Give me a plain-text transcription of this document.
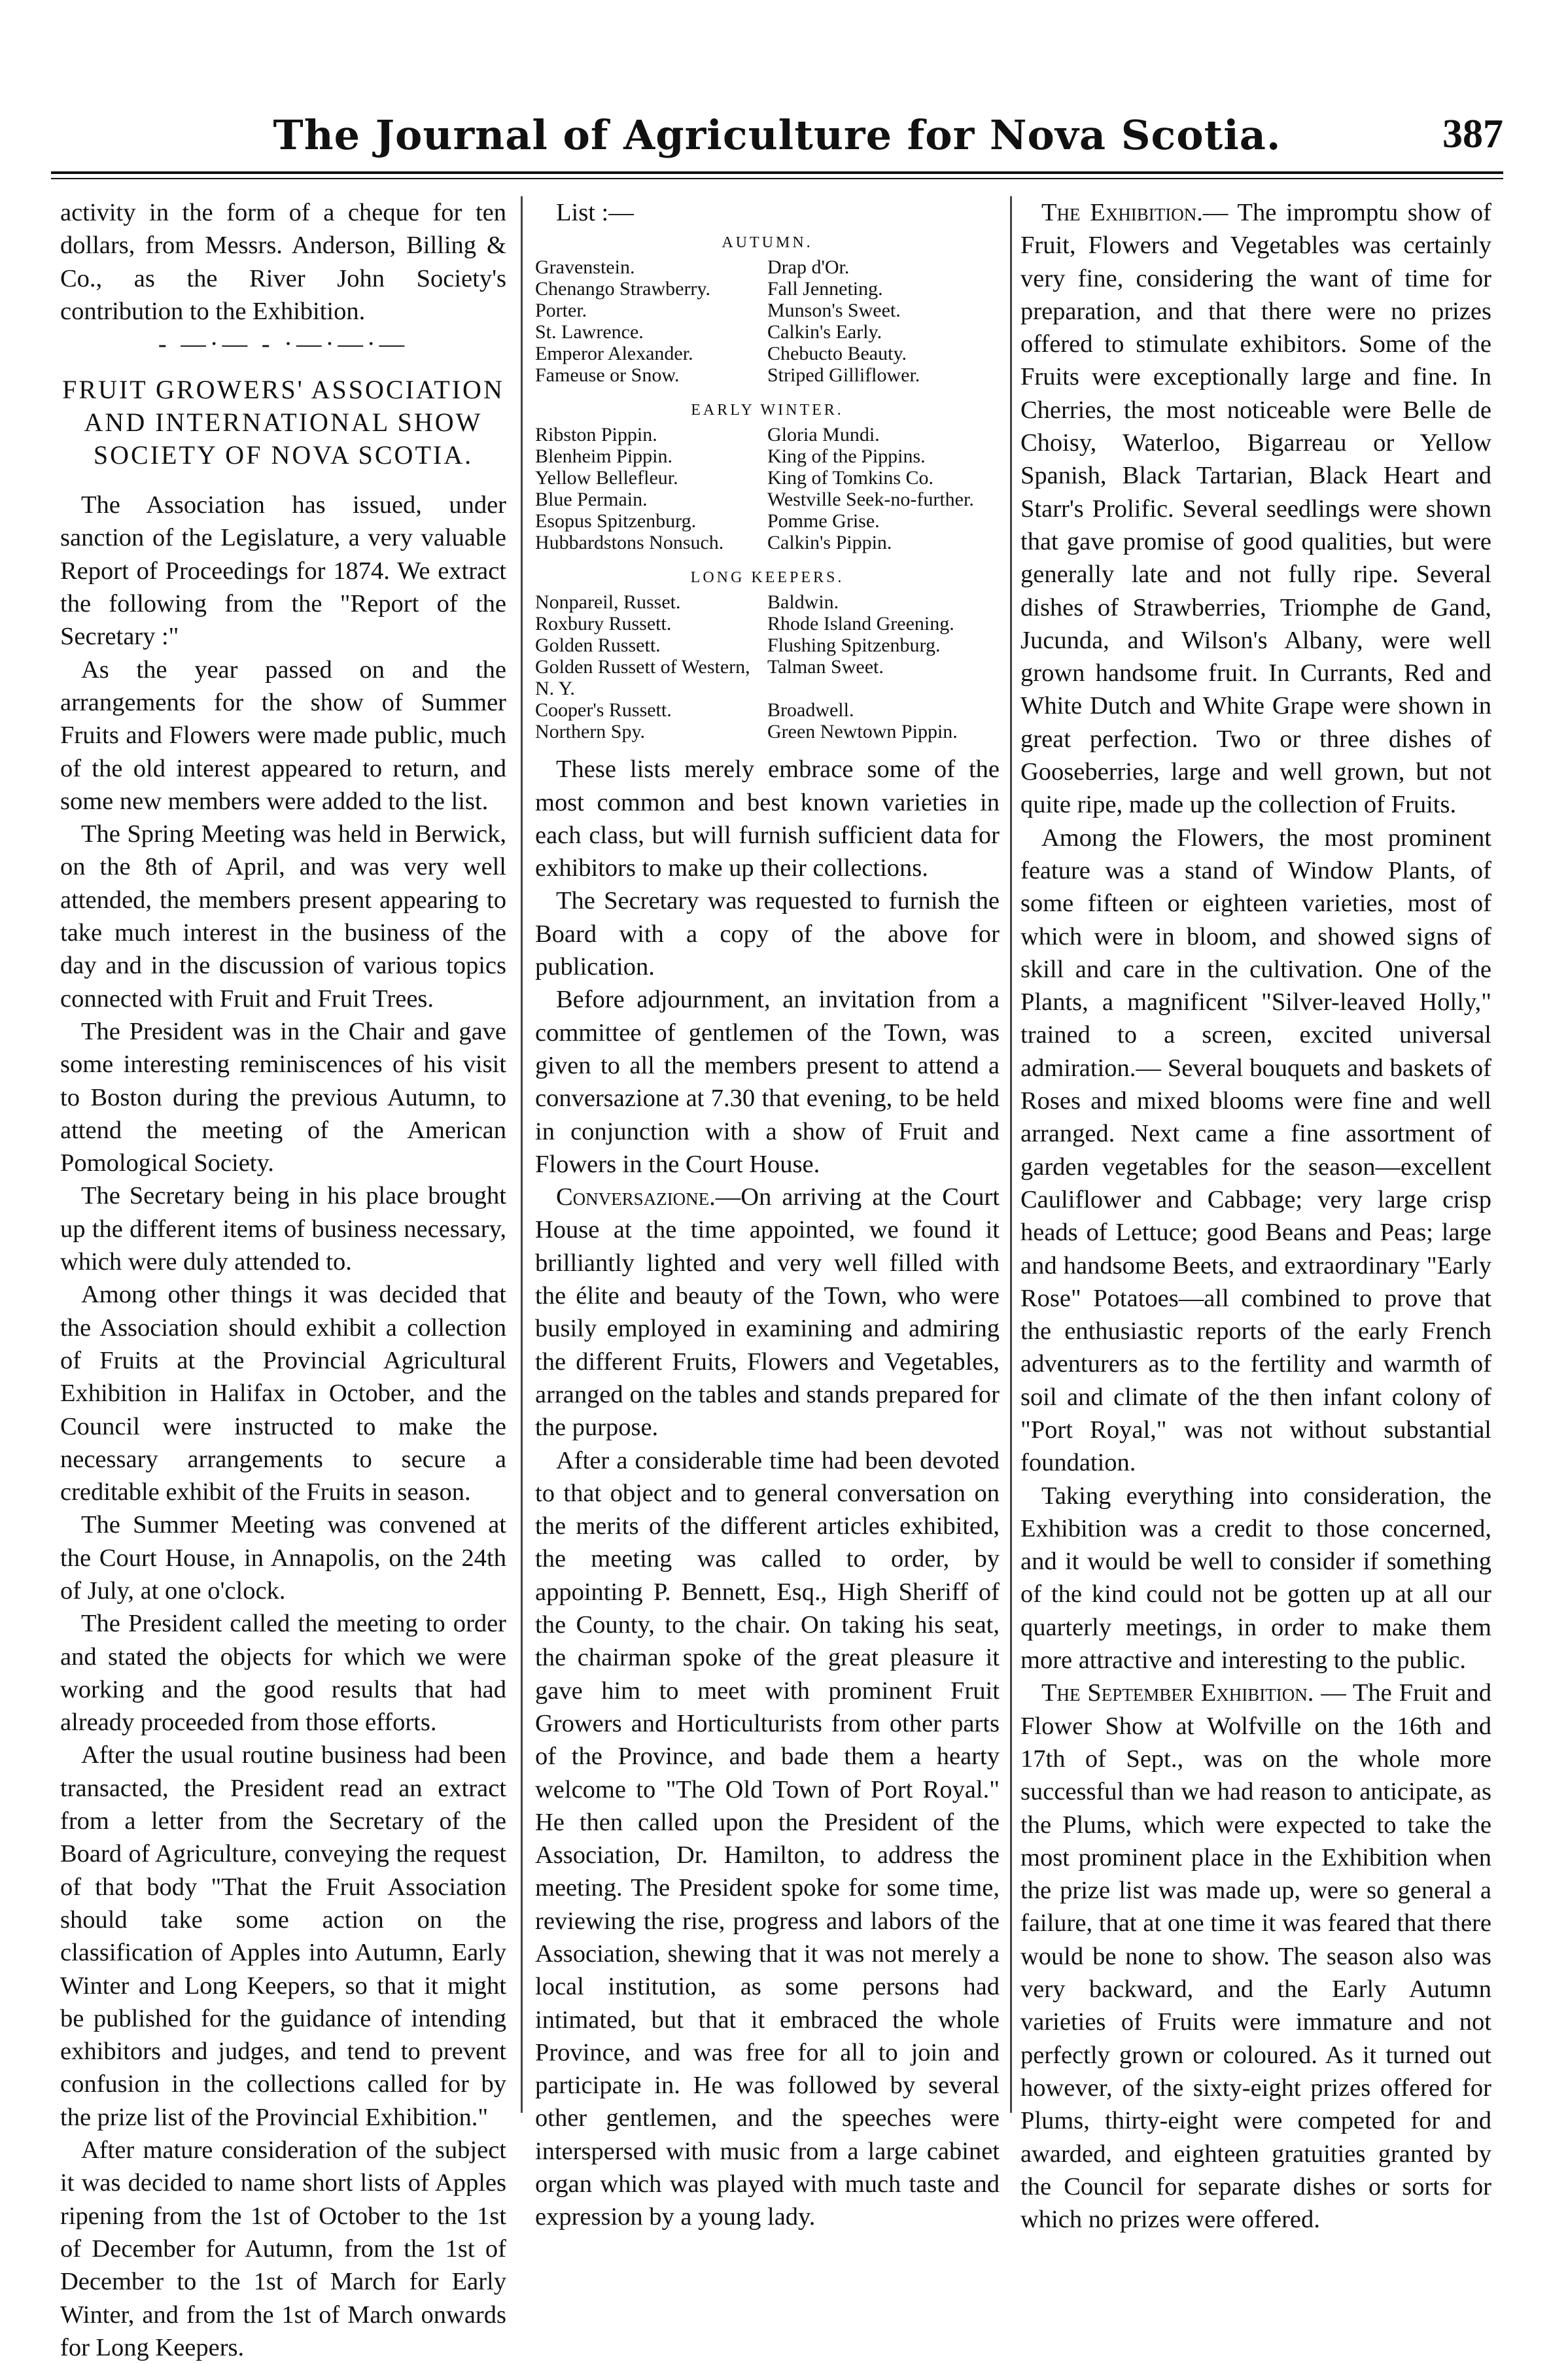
The Journal of Agriculture for Nova Scotia.	387

activity in the form of a cheque for ten dollars, from Messrs. Anderson, Billing & Co., as the River John Society's contribution to the Exhibition.

- —·— - ·—·—·—
FRUIT GROWERS' ASSOCIATION AND INTERNATIONAL SHOW SOCIETY OF NOVA SCOTIA.

The Association has issued, under sanction of the Legislature, a very valuable Report of Proceedings for 1874. We extract the following from the "Report of the Secretary :"

As the year passed on and the arrangements for the show of Summer Fruits and Flowers were made public, much of the old interest appeared to return, and some new members were added to the list.

The Spring Meeting was held in Berwick, on the 8th of April, and was very well attended, the members present appearing to take much interest in the business of the day and in the discussion of various topics connected with Fruit and Fruit Trees.

The President was in the Chair and gave some interesting reminiscences of his visit to Boston during the previous Autumn, to attend the meeting of the American Pomological Society.

The Secretary being in his place brought up the different items of business necessary, which were duly attended to.

Among other things it was decided that the Association should exhibit a collection of Fruits at the Provincial Agricultural Exhibition in Halifax in October, and the Council were instructed to make the necessary arrangements to secure a creditable exhibit of the Fruits in season.

The Summer Meeting was convened at the Court House, in Annapolis, on the 24th of July, at one o'clock.

The President called the meeting to order and stated the objects for which we were working and the good results that had already proceeded from those efforts.

After the usual routine business had been transacted, the President read an extract from a letter from the Secretary of the Board of Agriculture, conveying the request of that body "That the Fruit Association should take some action on the classification of Apples into Autumn, Early Winter and Long Keepers, so that it might be published for the guidance of intending exhibitors and judges, and tend to prevent confusion in the collections called for by the prize list of the Provincial Exhibition."

After mature consideration of the subject it was decided to name short lists of Apples ripening from the 1st of October to the 1st of December for Autumn, from the 1st of December to the 1st of March for Early Winter, and from the 1st of March onwards for Long Keepers.

List :—

AUTUMN.
Gravenstein.	Drap d'Or.
Chenango Strawberry.	Fall Jenneting.
Porter.	Munson's Sweet.
St. Lawrence.	Calkin's Early.
Emperor Alexander.	Chebucto Beauty.
Fameuse or Snow.	Striped Gilliflower.
EARLY WINTER.
Ribston Pippin.	Gloria Mundi.
Blenheim Pippin.	King of the Pippins.
Yellow Bellefleur.	King of Tomkins Co.
Blue Permain.	Westville Seek-no-further.
Esopus Spitzenburg.	Pomme Grise.
Hubbardstons Nonsuch.	Calkin's Pippin.
LONG KEEPERS.
Nonpareil, Russet.	Baldwin.
Roxbury Russett.	Rhode Island Greening.
Golden Russett.	Flushing Spitzenburg.
Golden Russett of Western, N. Y.	Talman Sweet.
Cooper's Russett.	Broadwell.
Northern Spy.	Green Newtown Pippin.

These lists merely embrace some of the most common and best known varieties in each class, but will furnish sufficient data for exhibitors to make up their collections.

The Secretary was requested to furnish the Board with a copy of the above for publication.

Before adjournment, an invitation from a committee of gentlemen of the Town, was given to all the members present to attend a conversazione at 7.30 that evening, to be held in conjunction with a show of Fruit and Flowers in the Court House.

Conversazione.—On arriving at the Court House at the time appointed, we found it brilliantly lighted and very well filled with the élite and beauty of the Town, who were busily employed in examining and admiring the different Fruits, Flowers and Vegetables, arranged on the tables and stands prepared for the purpose.

After a considerable time had been devoted to that object and to general conversation on the merits of the different articles exhibited, the meeting was called to order, by appointing P. Bennett, Esq., High Sheriff of the County, to the chair. On taking his seat, the chairman spoke of the great pleasure it gave him to meet with prominent Fruit Growers and Horticulturists from other parts of the Province, and bade them a hearty welcome to "The Old Town of Port Royal." He then called upon the President of the Association, Dr. Hamilton, to address the meeting. The President spoke for some time, reviewing the rise, progress and labors of the Association, shewing that it was not merely a local institution, as some persons had intimated, but that it embraced the whole Province, and was free for all to join and participate in. He was followed by several other gentlemen, and the speeches were interspersed with music from a large cabinet organ which was played with much taste and expression by a young lady.

The Exhibition.— The impromptu show of Fruit, Flowers and Vegetables was certainly very fine, considering the want of time for preparation, and that there were no prizes offered to stimulate exhibitors. Some of the Fruits were exceptionally large and fine. In Cherries, the most noticeable were Belle de Choisy, Waterloo, Bigarreau or Yellow Spanish, Black Tartarian, Black Heart and Starr's Prolific. Several seedlings were shown that gave promise of good qualities, but were generally late and not fully ripe. Several dishes of Strawberries, Triomphe de Gand, Jucunda, and Wilson's Albany, were well grown handsome fruit. In Currants, Red and White Dutch and White Grape were shown in great perfection. Two or three dishes of Gooseberries, large and well grown, but not quite ripe, made up the collection of Fruits.

Among the Flowers, the most prominent feature was a stand of Window Plants, of some fifteen or eighteen varieties, most of which were in bloom, and showed signs of skill and care in the cultivation. One of the Plants, a magnificent "Silver-leaved Holly," trained to a screen, excited universal admiration.— Several bouquets and baskets of Roses and mixed blooms were fine and well arranged. Next came a fine assortment of garden vegetables for the season—excellent Cauliflower and Cabbage; very large crisp heads of Lettuce; good Beans and Peas; large and handsome Beets, and extraordinary "Early Rose" Potatoes—all combined to prove that the enthusiastic reports of the early French adventurers as to the fertility and warmth of soil and climate of the then infant colony of "Port Royal," was not without substantial foundation.

Taking everything into consideration, the Exhibition was a credit to those concerned, and it would be well to consider if something of the kind could not be gotten up at all our quarterly meetings, in order to make them more attractive and interesting to the public.

The September Exhibition. — The Fruit and Flower Show at Wolfville on the 16th and 17th of Sept., was on the whole more successful than we had reason to anticipate, as the Plums, which were expected to take the most prominent place in the Exhibition when the prize list was made up, were so general a failure, that at one time it was feared that there would be none to show. The season also was very backward, and the Early Autumn varieties of Fruits were immature and not perfectly grown or coloured. As it turned out however, of the sixty-eight prizes offered for Plums, thirty-eight were competed for and awarded, and eighteen gratuities granted by the Council for separate dishes or sorts for which no prizes were offered.
